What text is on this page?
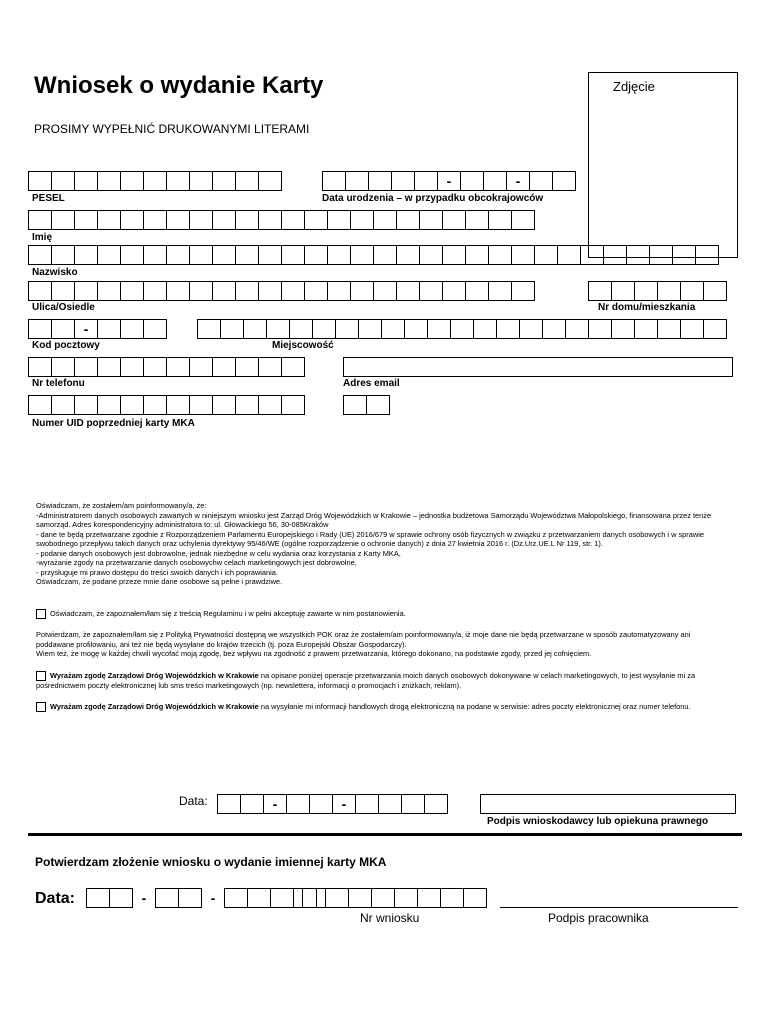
Wniosek o wydanie Karty
PROSIMY WYPEŁNIĆ DRUKOWANYMI LITERAMI
Zdjęcie
-	-
PESEL	Data urodzenia – w przypadku obcokrajowców
Imię
Nazwisko
Ulica/Osiedle	Nr domu/mieszkania
-
Kod pocztowy	Miejscowość
Nr telefonu	Adres email
Numer UID poprzedniej karty MKA

Oświadczam, że zostałem/am poinformowany/a, że:

-Administratorem danych osobowych zawartych w niniejszym wniosku jest Zarząd Dróg Wojewódzkich w Krakowie – jednostka budżetowa Samorządu Województwa Małopolskiego, finansowana przez tenże samorząd. Adres korespondencyjny administratora to: ul. Głowackiego 56, 30-085Kraków

- dane te będą przetwarzane zgodnie z Rozporządzeniem Parlamentu Europejskiego i Rady (UE) 2016/679 w sprawie ochrony osób fizycznych w związku z przetwarzaniem danych osobowych i w sprawie swobodnego przepływu takich danych oraz uchylenia dyrektywy 95/46/WE (ogólne rozporządzenie o ochronie danych) z dnia 27 kwietnia 2016 r. (Dz.Urz.UE.L Nr 119, str. 1).

- podanie danych osobowych jest dobrowolne, jednak niezbędne w celu wydania oraz korzystania z Karty MKA,

-wyrażanie zgody na przetwarzanie danych osobowychw celach marketingowych jest dobrowolne,

- przysługuje mi prawo dostępu do treści swoich danych i ich poprawiania.

Oświadczam, że podane przeze mnie dane osobowe są pełne i prawdziwe.

Oświadczam, że zapoznałem/łam się z treścią Regulaminu i w pełni akceptuję zawarte w nim postanowienia.

Potwierdzam, że zapoznałem/łam się z Polityką Prywatności dostępną we wszystkich POK oraz że zostałem/am poinformowany/a, iż moje dane nie będą przetwarzane w sposób zautomatyzowany ani poddawane profilowaniu, ani też nie będą wysyłane do krajów trzecich (tj. poza Europejski Obszar Gospodarczy).

Wiem też, że mogę w każdej chwili wycofać moją zgodę, bez wpływu na zgodność z prawem przetwarzania, którego dokonano, na podstawie zgody, przed jej cofnięciem.

Wyrażam zgodę Zarządowi Dróg Wojewódzkich w Krakowie na opisane poniżej operacje przetwarzania moich danych osobowych dokonywane w celach marketingowych, to jest wysyłanie mi za pośrednictwem poczty elektronicznej lub sms treści marketingowych (np. newslettera, informacji o promocjach i zniżkach, reklam).
Wyrażam zgodę Zarządowi Dróg Wojewódzkich w Krakowie na wysyłanie mi informacji handlowych drogą elektroniczną na podane w serwisie: adres poczty elektronicznej oraz numer telefonu.
Data:	-	-
Podpis wnioskodawcy lub opiekuna prawnego
Potwierdzam złożenie wniosku o wydanie imiennej karty MKA
Data:	-	-
Nr wniosku	Podpis pracownika
